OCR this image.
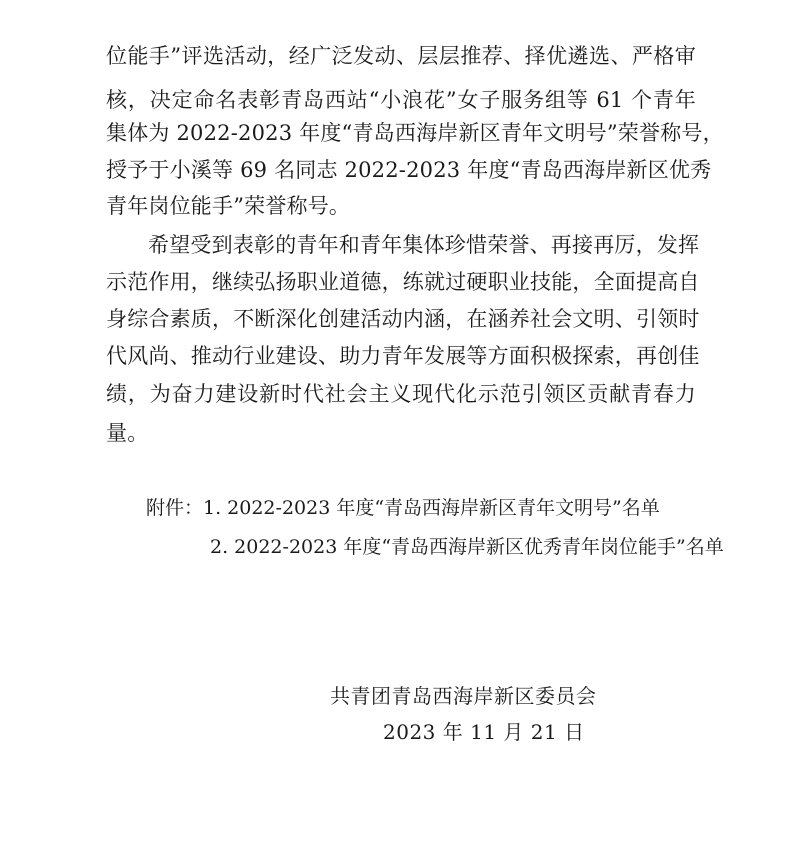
位能手”评选活动，经广泛发动、层层推荐、择优遴选、严格审
核，决定命名表彰青岛西站“小浪花”女子服务组等 61 个青年
集体为 2022-2023 年度“青岛西海岸新区青年文明号”荣誉称号，
授予于小溪等 69 名同志 2022-2023 年度“青岛西海岸新区优秀
青年岗位能手”荣誉称号。
希望受到表彰的青年和青年集体珍惜荣誉、再接再厉，发挥
示范作用，继续弘扬职业道德，练就过硬职业技能，全面提高自
身综合素质，不断深化创建活动内涵，在涵养社会文明、引领时
代风尚、推动行业建设、助力青年发展等方面积极探索，再创佳
绩，为奋力建设新时代社会主义现代化示范引领区贡献青春力
量。
附件：1. 2022-2023 年度“青岛西海岸新区青年文明号”名单
2. 2022-2023 年度“青岛西海岸新区优秀青年岗位能手”名单
共青团青岛西海岸新区委员会
2023 年 11 月 21 日
